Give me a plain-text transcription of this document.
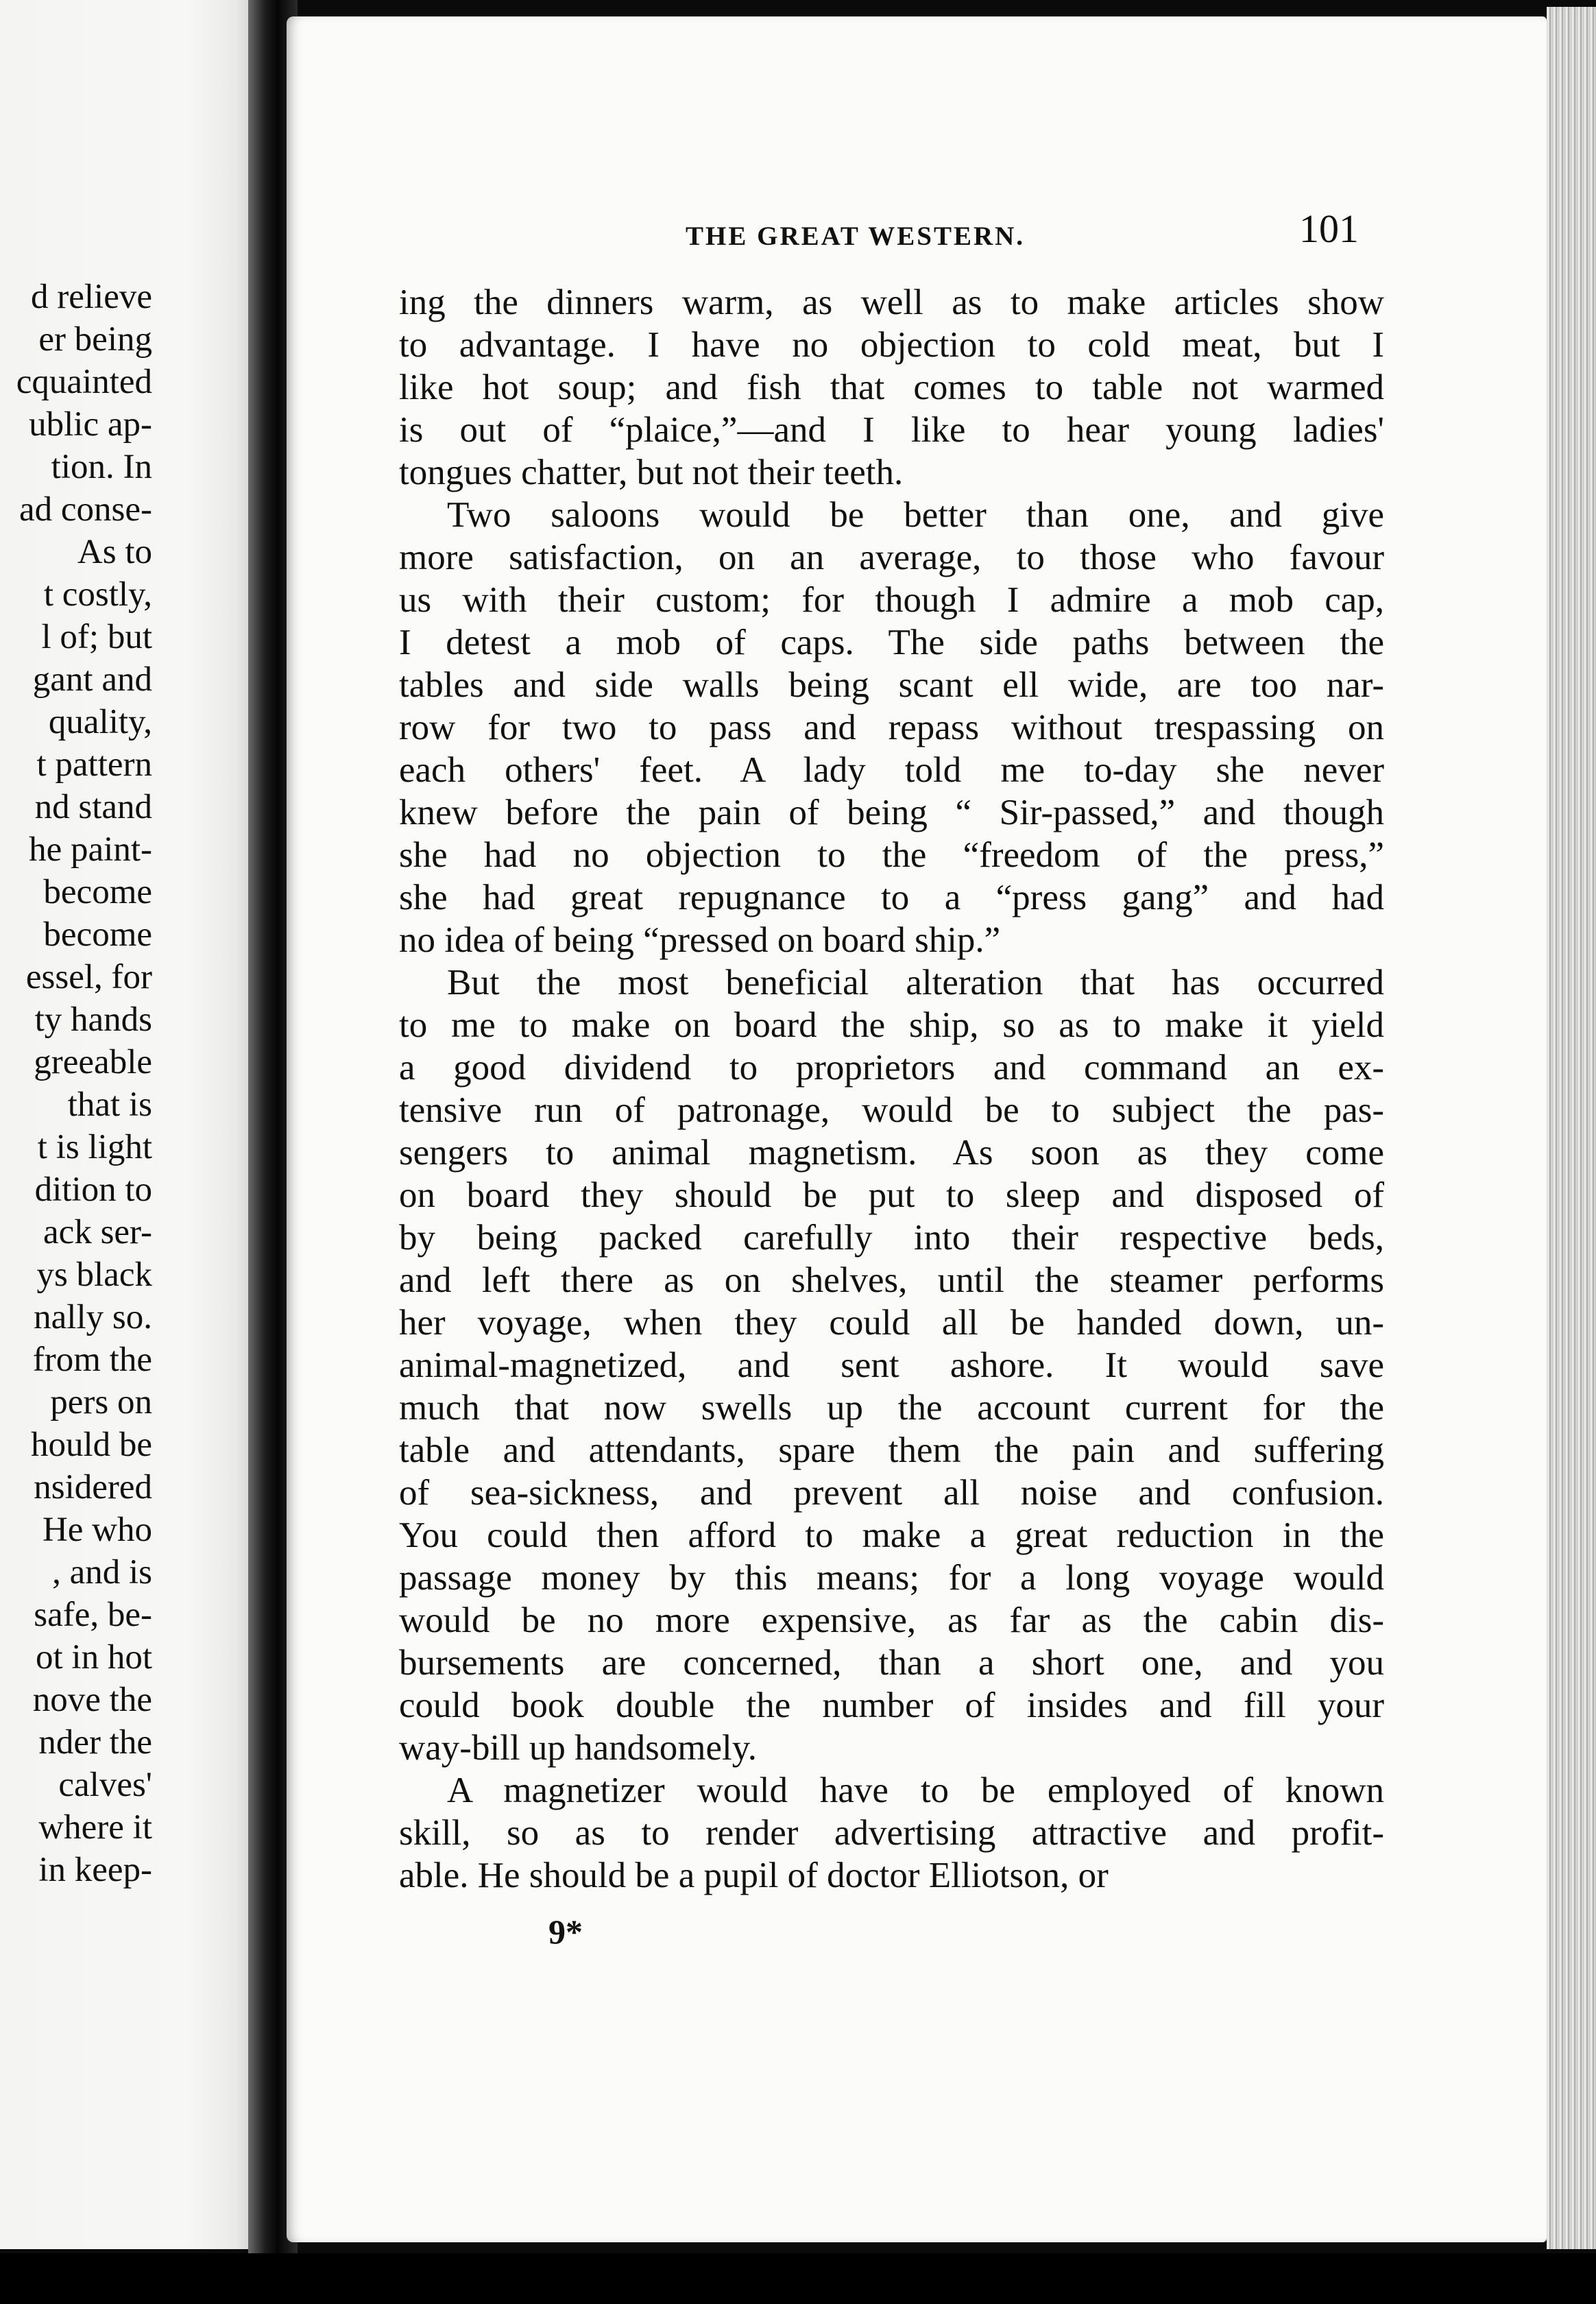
d relieve
er being
cquainted
ublic ap-
tion. In
ad conse-
As to
t costly,
l of; but
gant and
quality,
t pattern
nd stand
he paint-
become
become
essel, for
ty hands
greeable
that is
t is light
dition to
ack ser-
ys black
nally so.
from the
pers on
hould be
nsidered
He who
, and is
safe, be-
ot in hot
nove the
nder the
calves'
where it
in keep-
THE GREAT WESTERN.	101
ing the dinners warm, as well as to make articles show
to advantage. I have no objection to cold meat, but I
like hot soup; and fish that comes to table not warmed
is out of “plaice,”—and I like to hear young ladies'
tongues chatter, but not their teeth.
Two saloons would be better than one, and give
more satisfaction, on an average, to those who favour
us with their custom; for though I admire a mob cap,
I detest a mob of caps. The side paths between the
tables and side walls being scant ell wide, are too nar-
row for two to pass and repass without trespassing on
each others' feet. A lady told me to-day she never
knew before the pain of being “ Sir-passed,” and though
she had no objection to the “freedom of the press,”
she had great repugnance to a “press gang” and had
no idea of being “pressed on board ship.”
But the most beneficial alteration that has occurred
to me to make on board the ship, so as to make it yield
a good dividend to proprietors and command an ex-
tensive run of patronage, would be to subject the pas-
sengers to animal magnetism. As soon as they come
on board they should be put to sleep and disposed of
by being packed carefully into their respective beds,
and left there as on shelves, until the steamer performs
her voyage, when they could all be handed down, un-
animal-magnetized, and sent ashore. It would save
much that now swells up the account current for the
table and attendants, spare them the pain and suffering
of sea-sickness, and prevent all noise and confusion.
You could then afford to make a great reduction in the
passage money by this means; for a long voyage would
would be no more expensive, as far as the cabin dis-
bursements are concerned, than a short one, and you
could book double the number of insides and fill your
way-bill up handsomely.
A magnetizer would have to be employed of known
skill, so as to render advertising attractive and profit-
able. He should be a pupil of doctor Elliotson, or
9*
